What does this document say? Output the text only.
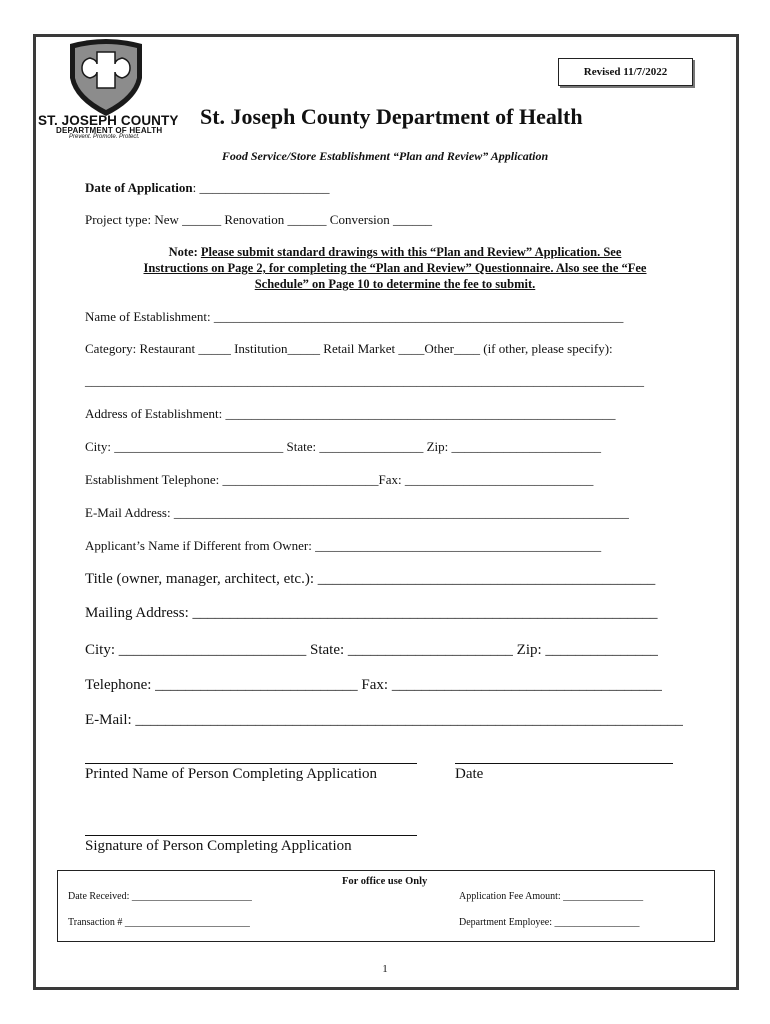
ST. JOSEPH COUNTY
DEPARTMENT OF HEALTH
Prevent. Promote. Protect.
Revised 11/7/2022
St. Joseph County Department of Health
Food Service/Store Establishment “Plan and Review” Application
Date of Application: ____________________
Project type: New ______ Renovation ______ Conversion ______
Note: Please submit standard drawings with this “Plan and Review” Application. See
Instructions on Page 2, for completing the “Plan and Review” Questionnaire. Also see the “Fee
Schedule” on Page 10 to determine the fee to submit.
Name of Establishment: _______________________________________________________________
Category: Restaurant _____ Institution_____ Retail Market ____Other____ (if other, please specify):
______________________________________________________________________________________
Address of Establishment: ____________________________________________________________
City: __________________________ State: ________________ Zip: _______________________
Establishment Telephone: ________________________Fax: _____________________________
E-Mail Address: ______________________________________________________________________
Applicant’s Name if Different from Owner: ____________________________________________
Title (owner, manager, architect, etc.): _____________________________________________
Mailing Address: ______________________________________________________________
City: _________________________ State: ______________________ Zip: _______________
Telephone: ___________________________ Fax: ____________________________________
E-Mail: _________________________________________________________________________
Printed Name of Person Completing Application	Date
Signature of Person Completing Application
For office use Only
Date Received: ________________________
Transaction # _________________________
Application Fee Amount: ________________
Department Employee: _________________
1
